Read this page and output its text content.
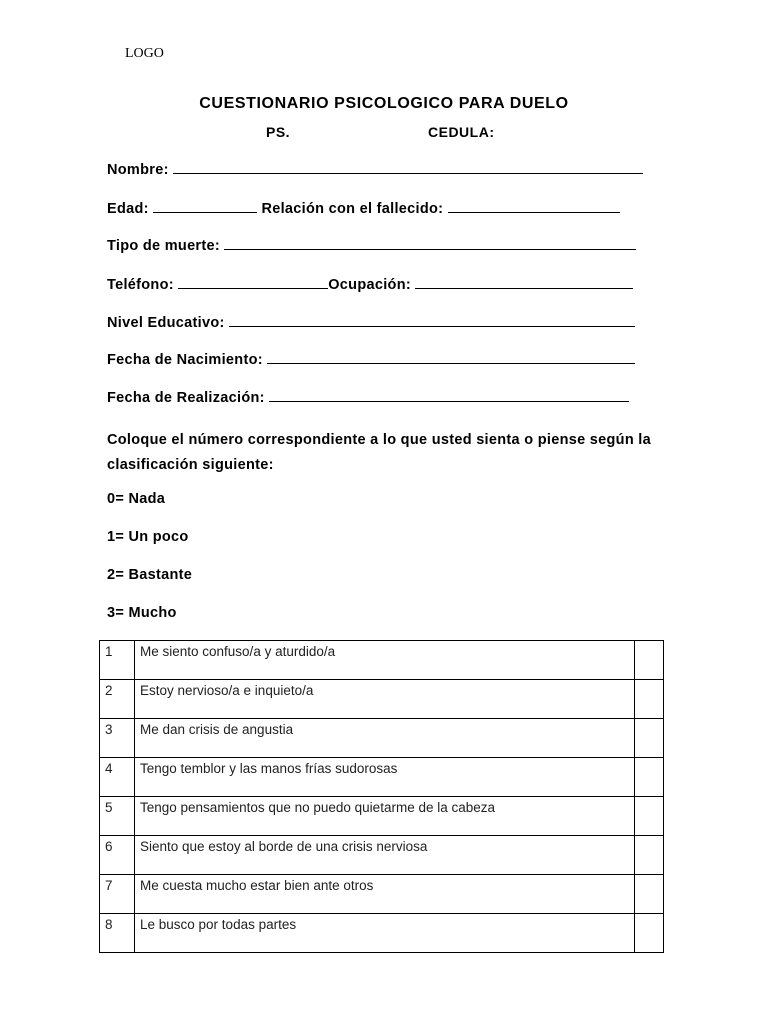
LOGO
CUESTIONARIO PSICOLOGICO PARA DUELO
PS.	CEDULA:
Nombre:
Edad:	Relación con el fallecido:
Tipo de muerte:
Teléfono:	Ocupación:
Nivel Educativo:
Fecha de Nacimiento:
Fecha de Realización:
Coloque el número correspondiente a lo que usted sienta o piense según la clasificación siguiente:
0= Nada
1= Un poco
2= Bastante
3= Mucho
1	Me siento confuso/a y aturdido/a	
2	Estoy nervioso/a e inquieto/a	
3	Me dan crisis de angustia	
4	Tengo temblor y las manos frías sudorosas	
5	Tengo pensamientos que no puedo quietarme de la cabeza	
6	Siento que estoy al borde de una crisis nerviosa	
7	Me cuesta mucho estar bien ante otros	
8	Le busco por todas partes	
